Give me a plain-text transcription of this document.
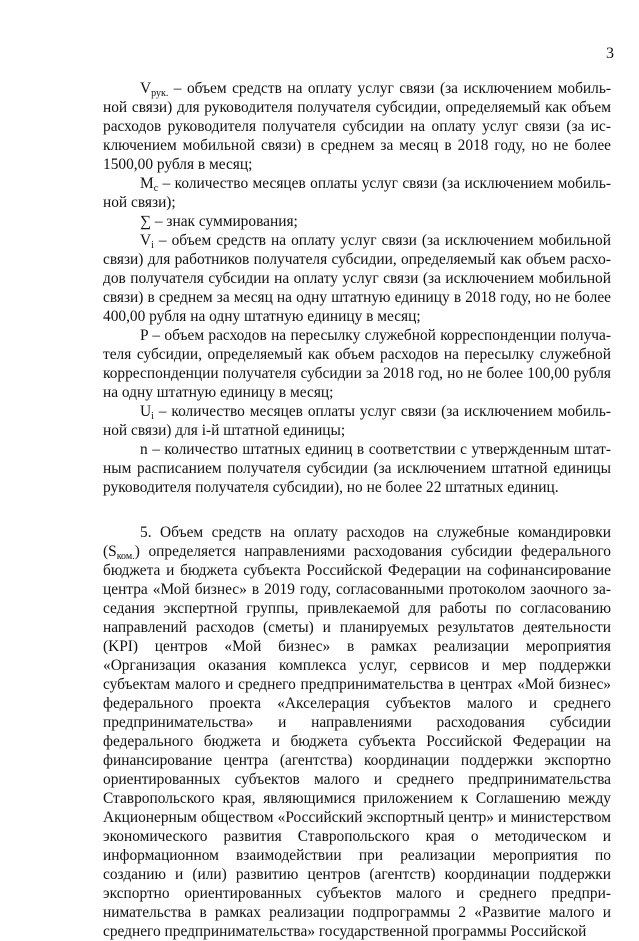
3

$V_{рук.}$ – объем средств на оплату услуг связи (за исключением мобильной связи) для руководителя получателя субсидии, определяемый как объем расходов руководителя получателя субсидии на оплату услуг связи (за исключением мобильной связи) в среднем за месяц в 2018 году, но не более 1500,00 рубля в месяц;

$M_c$ – количество месяцев оплаты услуг связи (за исключением мобильной связи);

∑ – знак суммирования;

$V_i$ – объем средств на оплату услуг связи (за исключением мобильной связи) для работников получателя субсидии, определяемый как объем расходов получателя субсидии на оплату услуг связи (за исключением мобильной связи) в среднем за месяц на одну штатную единицу в 2018 году, но не более 400,00 рубля на одну штатную единицу в месяц;

P – объем расходов на пересылку служебной корреспонденции получателя субсидии, определяемый как объем расходов на пересылку служебной корреспонденции получателя субсидии за 2018 год, но не более 100,00 рубля на одну штатную единицу в месяц;

$U_i$ – количество месяцев оплаты услуг связи (за исключением мобильной связи) для i-й штатной единицы;

n – количество штатных единиц в соответствии с утвержденным штатным расписанием получателя субсидии (за исключением штатной единицы руководителя получателя субсидии), но не более 22 штатных единиц.

5. Объем средств на оплату расходов на служебные командировки $(S_{ком.})$ определяется направлениями расходования субсидии федерального бюджета и бюджета субъекта Российской Федерации на софинансирование центра «Мой бизнес» в 2019 году, согласованными протоколом заочного заседания экспертной группы, привлекаемой для работы по согласованию направлений расходов (сметы) и планируемых результатов деятельности (KPI) центров «Мой бизнес» в рамках реализации мероприятия «Организация оказания комплекса услуг, сервисов и мер поддержки субъектам малого и среднего предпринимательства в центрах «Мой бизнес» федерального проекта «Акселерация субъектов малого и среднего предпринимательства» и направлениями расходования субсидии федерального бюджета и бюджета субъекта Российской Федерации на финансирование центра (агентства) координации поддержки экспортно ориентированных субъектов малого и среднего предпринимательства Ставропольского края, являющимися приложением к Соглашению между Акционерным обществом «Российский экспортный центр» и министерством экономического развития Ставропольского края о методическом и информационном взаимодействии при реализации мероприятия по созданию и (или) развитию центров (агентств) координации поддержки экспортно ориентированных субъектов малого и среднего предпринимательства в рамках реализации подпрограммы 2 «Развитие малого и среднего предпринимательства» государственной программы Российской
